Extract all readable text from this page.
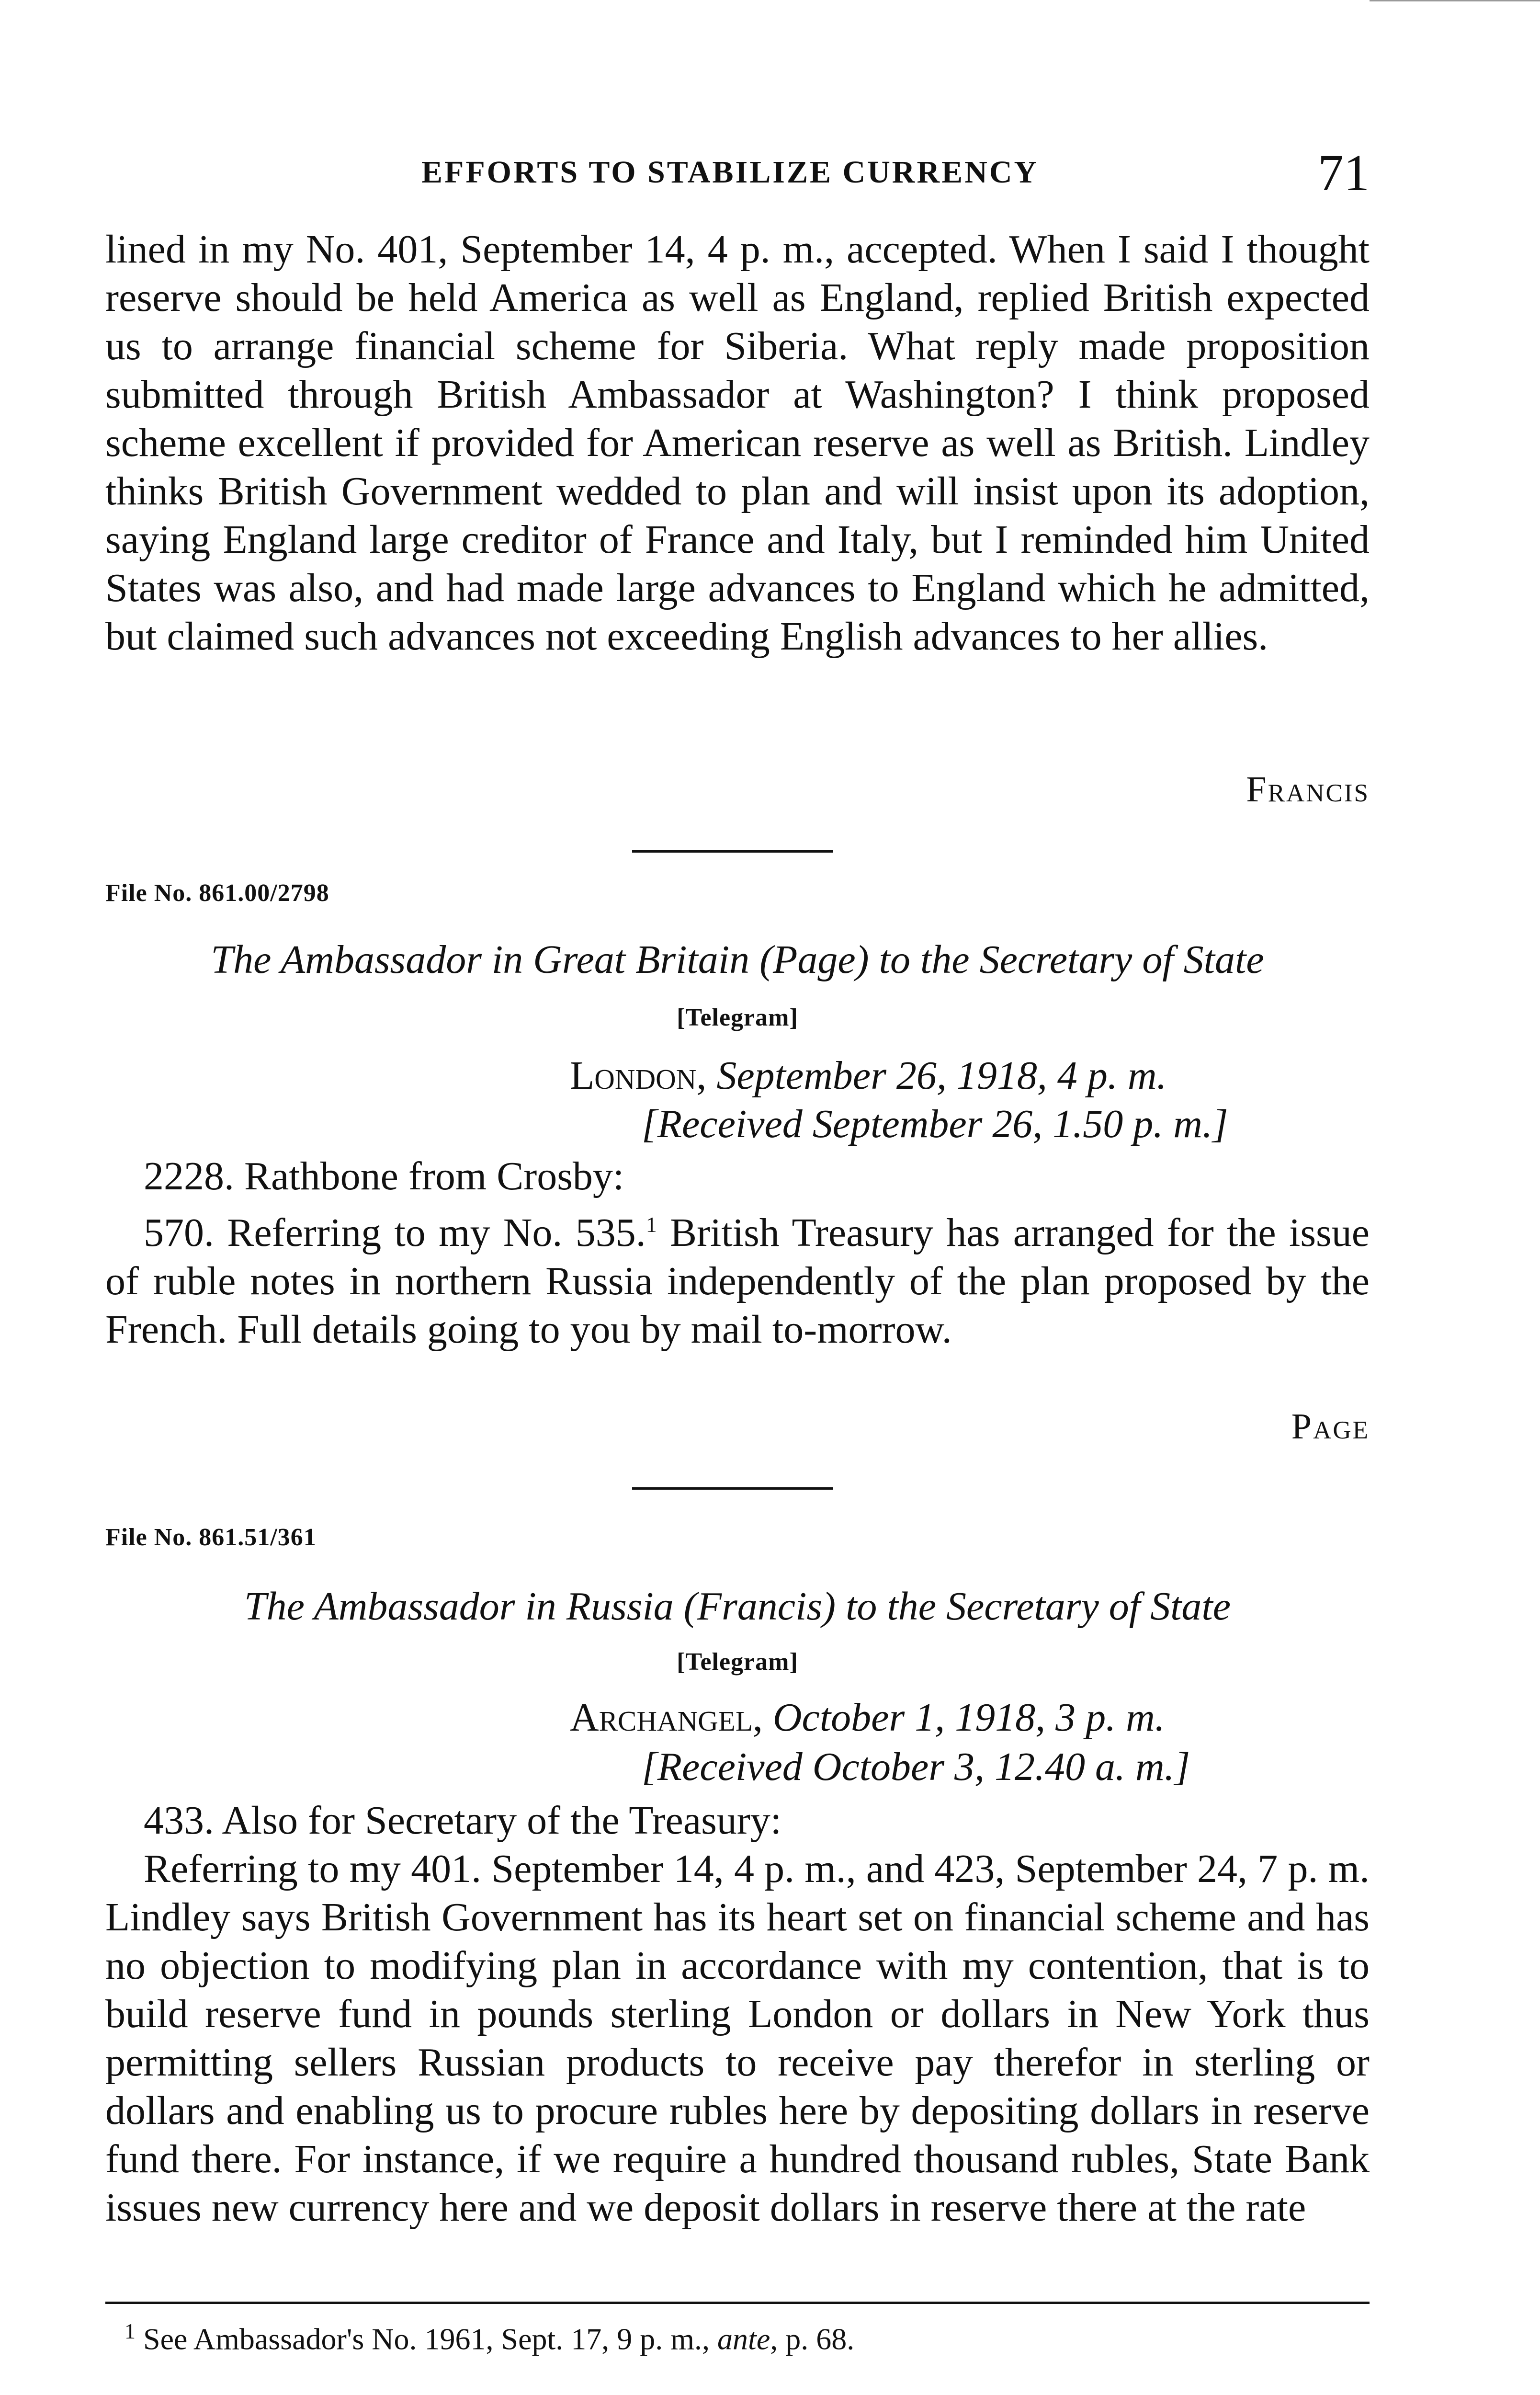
EFFORTS TO STABILIZE CURRENCY	71

lined in my No. 401, September 14, 4 p. m., accepted. When I said I thought reserve should be held America as well as England, replied British expected us to arrange financial scheme for Siberia. What reply made proposition submitted through British Ambassador at Washington? I think proposed scheme excellent if provided for American reserve as well as British. Lindley thinks British Government wedded to plan and will insist upon its adoption, saying England large creditor of France and Italy, but I reminded him United States was also, and had made large advances to England which he admitted, but claimed such advances not exceeding English advances to her allies.

Francis
File No. 861.00/2798
The Ambassador in Great Britain (Page) to the Secretary of State
[Telegram]
London, September 26, 1918, 4 p. m.
[Received September 26, 1.50 p. m.]

2228. Rathbone from Crosby:

570. Referring to my No. 535.$^1$ British Treasury has arranged for the issue of ruble notes in northern Russia independently of the plan proposed by the French. Full details going to you by mail to-morrow.

Page
File No. 861.51/361
The Ambassador in Russia (Francis) to the Secretary of State
[Telegram]
Archangel, October 1, 1918, 3 p. m.
[Received October 3, 12.40 a. m.]

433. Also for Secretary of the Treasury:

Referring to my 401. September 14, 4 p. m., and 423, September 24, 7 p. m. Lindley says British Government has its heart set on financial scheme and has no objection to modifying plan in accordance with my contention, that is to build reserve fund in pounds sterling London or dollars in New York thus permitting sellers Russian products to receive pay therefor in sterling or dollars and enabling us to procure rubles here by depositing dollars in reserve fund there. For instance, if we require a hundred thousand rubles, State Bank issues new currency here and we deposit dollars in reserve there at the rate

$^1$ See Ambassador's No. 1961, Sept. 17, 9 p. m., ante, p. 68.
